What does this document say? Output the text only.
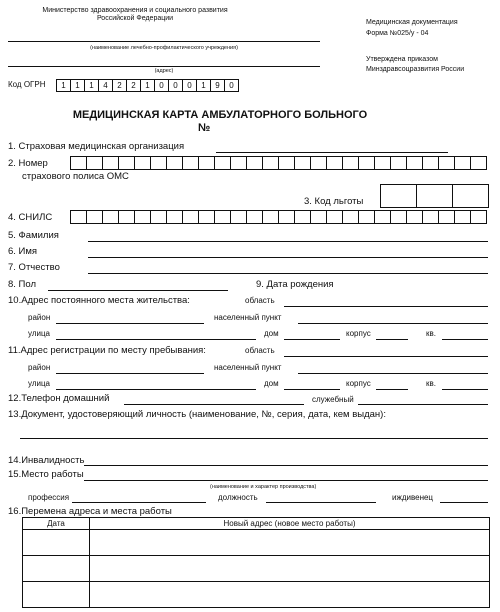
Министерство здравоохранения и социального развития
Российской Федерации
(наименование лечебно-профилактического учреждения)
(адрес)
Медицинская документация
Форма №025/у - 04
Утверждена приказом
Минздравсоцразвития России
Код ОГРН	1	1	1	4	2	2	1	0	0	0	1	9	0
МЕДИЦИНСКАЯ КАРТА АМБУЛАТОРНОГО БОЛЬНОГО
№
1. Страховая медицинская организация
2. Номер
страхового полиса ОМС
3. Код льготы
4. СНИЛС
5. Фамилия
6. Имя
7. Отчество
8. Пол	9. Дата рождения
10.Адрес постоянного места жительства:	область
район	населенный пункт
улица	дом	корпус	кв.
11.Адрес регистрации по месту пребывания:	область
район	населенный пункт
улица	дом	корпус	кв.
12.Телефон домашний	служебный
13.Документ, удостоверяющий личность (наименование, №, серия, дата, кем выдан):
14.Инвалидность
15.Место работы
(наименование и характер производства)
профессия	должность	иждивенец
16.Перемена адреса и места работы
Дата	Новый адрес (новое место работы)
